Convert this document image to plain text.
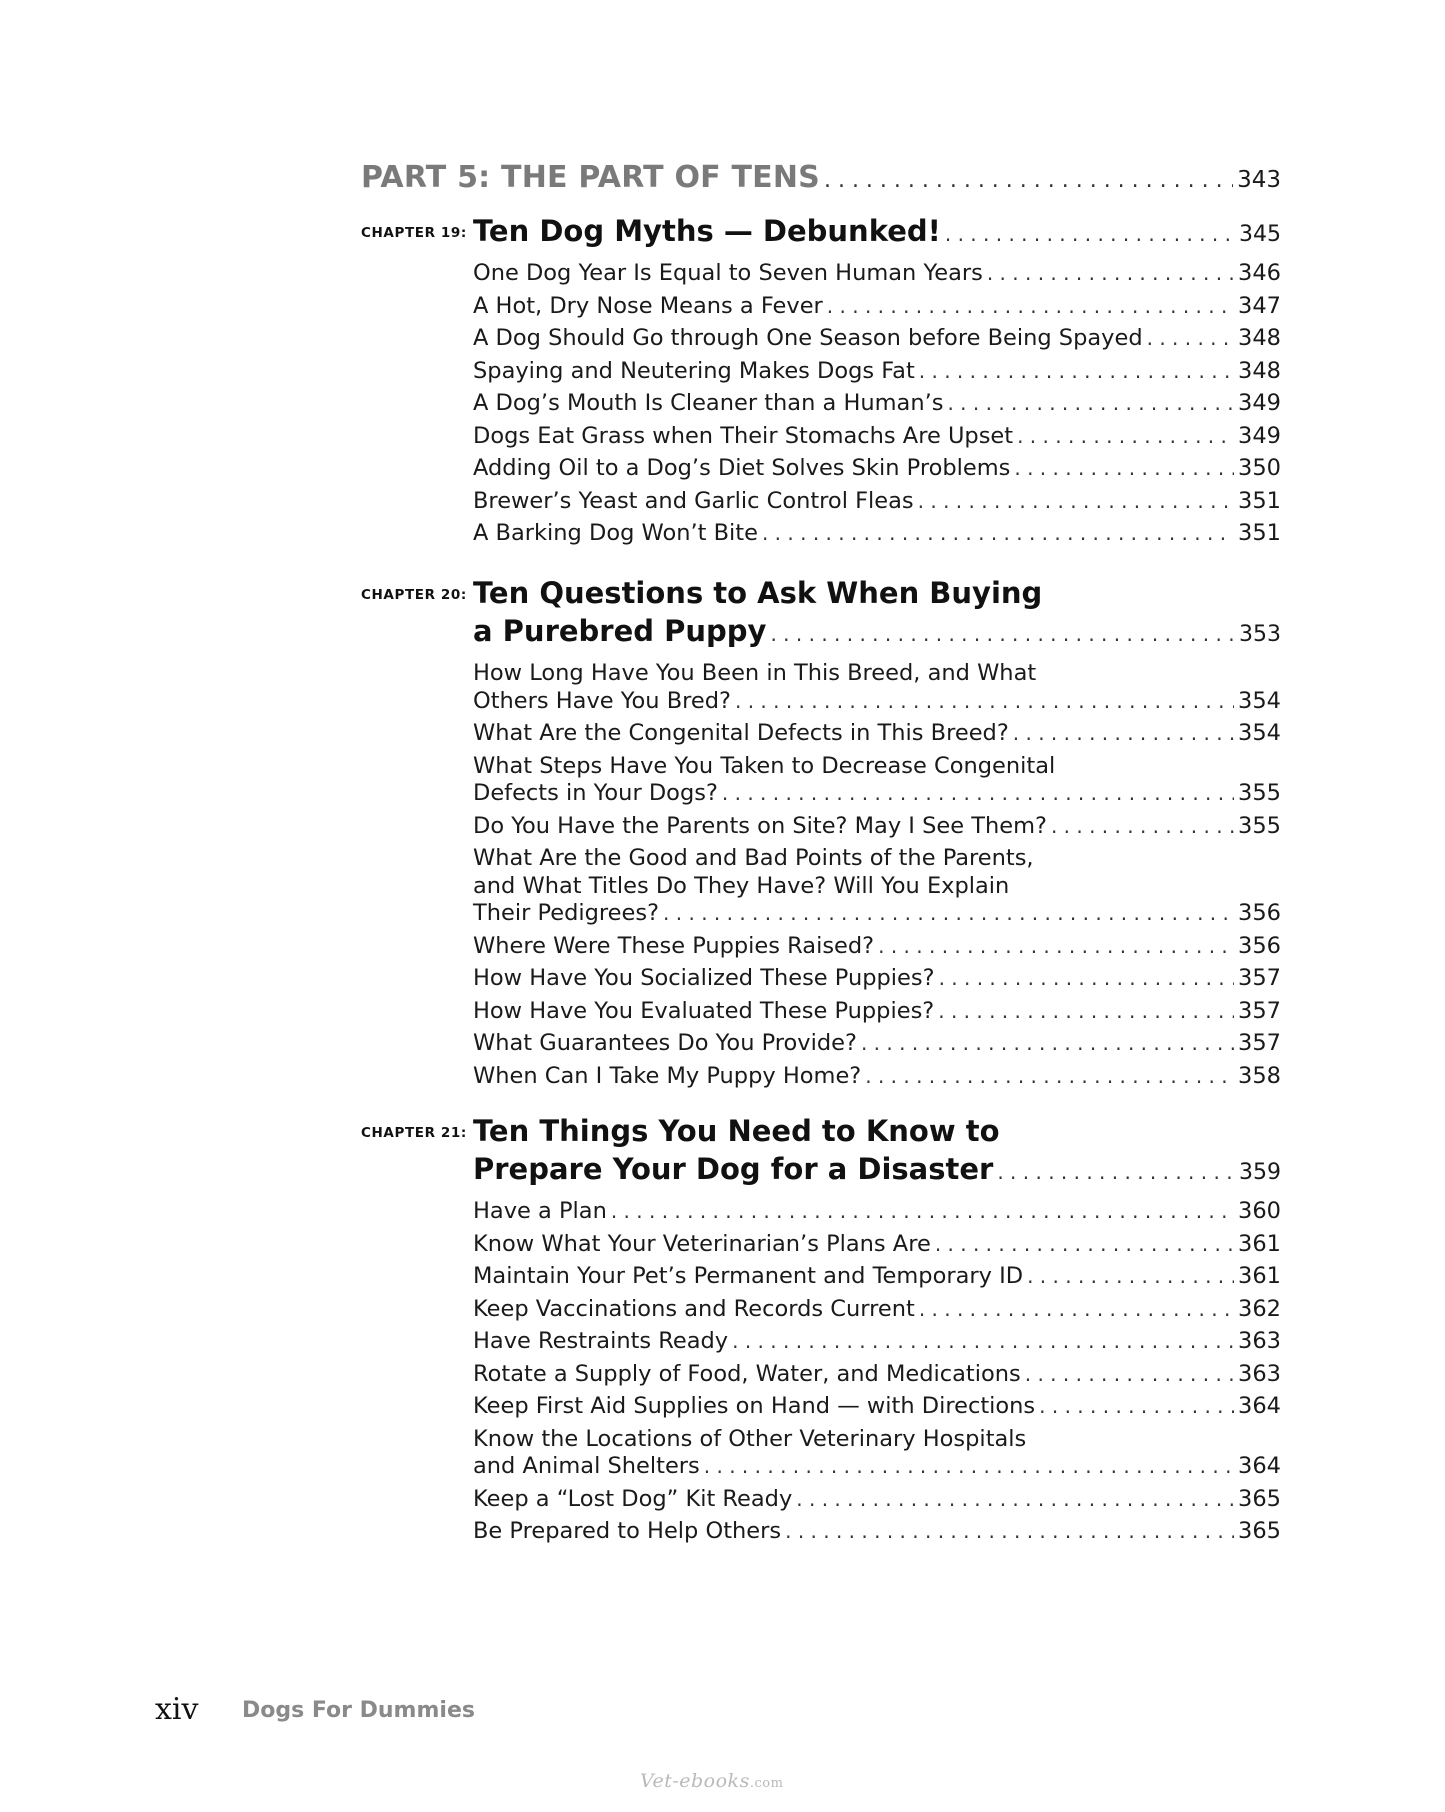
PART 5: THE PART OF TENS . . .	343
CHAPTER 19: Ten Dog Myths — Debunked! . . .	345
One Dog Year Is Equal to Seven Human Years . . .	346
A Hot, Dry Nose Means a Fever . . .	347
A Dog Should Go through One Season before Being Spayed . . .	348
Spaying and Neutering Makes Dogs Fat . . .	348
A Dog’s Mouth Is Cleaner than a Human’s . . .	349
Dogs Eat Grass when Their Stomachs Are Upset . . .	349
Adding Oil to a Dog’s Diet Solves Skin Problems . . .	350
Brewer’s Yeast and Garlic Control Fleas . . .	351
A Barking Dog Won’t Bite . . .	351
CHAPTER 20: Ten Questions to Ask When Buying
a Purebred Puppy . . .	353
How Long Have You Been in This Breed, and What
Others Have You Bred? . . .	354
What Are the Congenital Defects in This Breed? . . .	354
What Steps Have You Taken to Decrease Congenital
Defects in Your Dogs? . . .	355
Do You Have the Parents on Site? May I See Them? . . .	355
What Are the Good and Bad Points of the Parents,
and What Titles Do They Have? Will You Explain
Their Pedigrees? . . .	356
Where Were These Puppies Raised? . . .	356
How Have You Socialized These Puppies? . . .	357
How Have You Evaluated These Puppies? . . .	357
What Guarantees Do You Provide? . . .	357
When Can I Take My Puppy Home? . . .	358
CHAPTER 21: Ten Things You Need to Know to
Prepare Your Dog for a Disaster . . .	359
Have a Plan . . .	360
Know What Your Veterinarian’s Plans Are . . .	361
Maintain Your Pet’s Permanent and Temporary ID . . .	361
Keep Vaccinations and Records Current . . .	362
Have Restraints Ready . . .	363
Rotate a Supply of Food, Water, and Medications . . .	363
Keep First Aid Supplies on Hand — with Directions . . .	364
Know the Locations of Other Veterinary Hospitals
and Animal Shelters . . .	364
Keep a “Lost Dog” Kit Ready . . .	365
Be Prepared to Help Others . . .	365
xiv Dogs For Dummies
Vet-ebooks.com
